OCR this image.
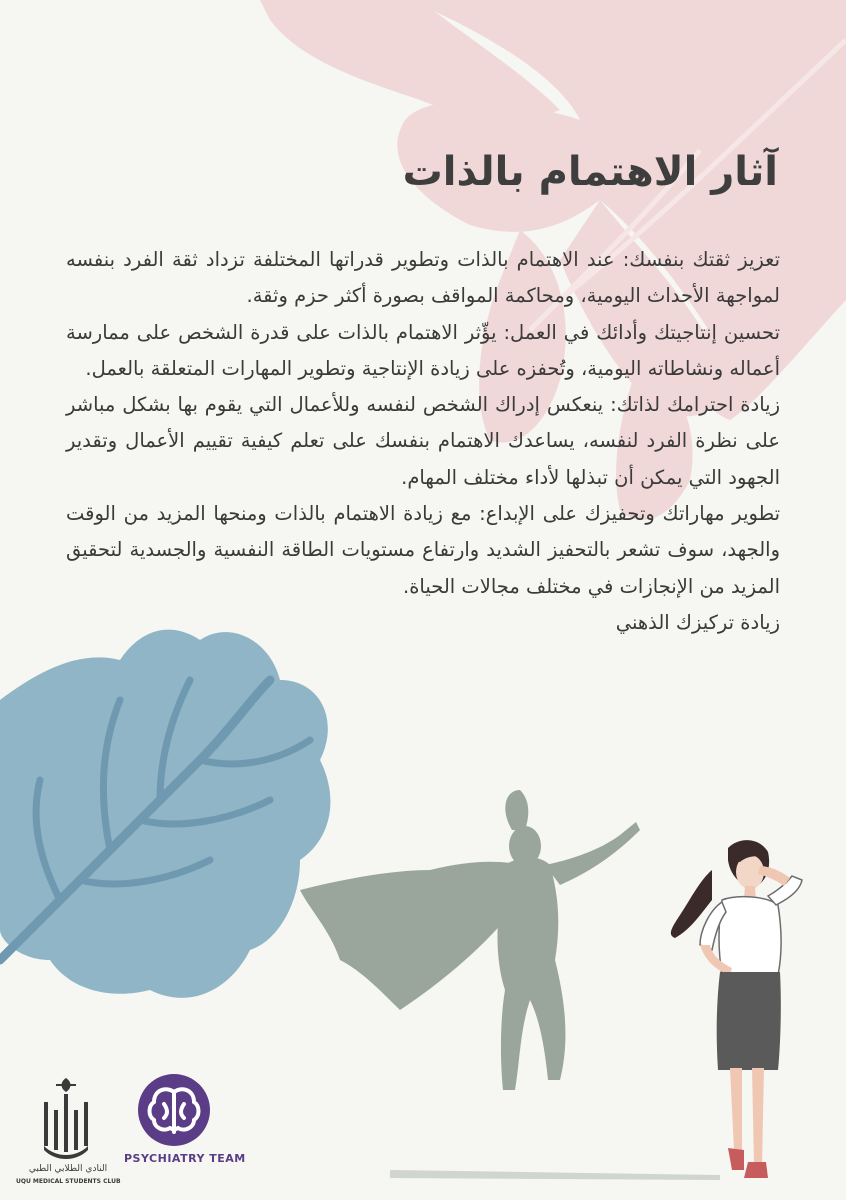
آثار الاهتمام بالذات

تعزيز ثقتك بنفسك: عند الاهتمام بالذات وتطوير قدراتها المختلفة تزداد ثقة الفرد بنفسه لمواجهة الأحداث اليومية، ومحاكمة المواقف بصورة أكثر حزم وثقة.

تحسين إنتاجيتك وأدائك في العمل: يؤّثر الاهتمام بالذات على قدرة الشخص على ممارسة أعماله ونشاطاته اليومية، وتُحفزه على زيادة الإنتاجية وتطوير المهارات المتعلقة بالعمل.

زيادة احترامك لذاتك: ينعكس إدراك الشخص لنفسه وللأعمال التي يقوم بها بشكل مباشر على نظرة الفرد لنفسه، يساعدك الاهتمام بنفسك على تعلم كيفية تقييم الأعمال وتقدير الجهود التي يمكن أن تبذلها لأداء مختلف المهام.

تطوير مهاراتك وتحفيزك على الإبداع: مع زيادة الاهتمام بالذات ومنحها المزيد من الوقت والجهد، سوف تشعر بالتحفيز الشديد وارتفاع مستويات الطاقة النفسية والجسدية لتحقيق المزيد من الإنجازات في مختلف مجالات الحياة.

زيادة تركيزك الذهني

النادي الطلابي الطبي
UQU MEDICAL STUDENTS CLUB
PSYCHIATRY TEAM
